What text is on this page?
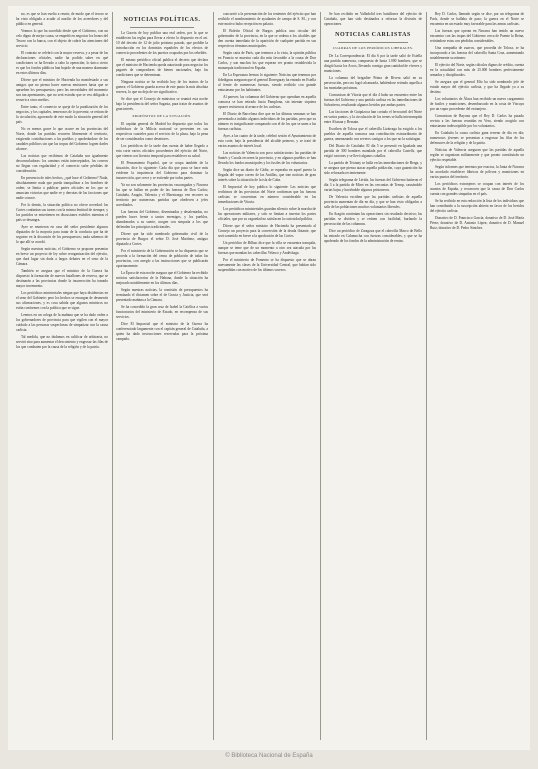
no, es que se han vuelto a reunir, de modo que el tesoro se ha visto obligado a acudir al auxilio de los acreedores y del público en general.

Veamos lo que ha sucedido desde que el Gobierno, con un celo digno de mejor causa, se empeñó en negociar los bonos del Tesoro con la banca, con el objeto de cubrir las atenciones del servicio.

El contrato se celebró con la mayor reserva, y a pesar de las declaraciones oficiales, nadie ha podido saber en qué condiciones se ha llevado a cabo la operación; lo único cierto es que los fondos públicos han bajado de una manera alarmante en estos últimos días.

Dícese que el ministro de Hacienda ha manifestado a sus amigos que no piensa hacer nuevas emisiones hasta que se aprueben los presupuestos; pero las necesidades del momento son tan apremiantes, que no será extraño que se vea obligado a recurrir a otros medios.

Entre tanto, el comercio se queja de la paralización de los negocios, y los capitales, temerosos de lo porvenir, se retiran de la circulación, agravando de este modo la situación general del país.

No es menos grave lo que ocurre en las provincias del Norte, donde las partidas recorren libremente el territorio, exigiendo contribuciones a los pueblos y apoderándose de los caudales públicos sin que las tropas del Gobierno logren darles alcance.

Las noticias que recibimos de Cataluña son igualmente desconsoladoras: los caminos están interceptados, los correos no llegan con regularidad y el comercio sufre pérdidas de consideración.

En presencia de tales hechos, ¿qué hace el Gobierno? Nada, absolutamente nada que pueda tranquilizar a los hombres de orden; se limita a publicar partes oficiales en los que se anuncian victorias que nadie ve y derrotas de las facciones que nadie conoce.

Por lo demás, la situación política no ofrece novedad: las Cortes continúan sus tareas con la misma lentitud de siempre, y los partidos se entretienen en discusiones estériles mientras el país se desangra.

Ayer se reunieron en casa del señor presidente algunos diputados de la mayoría para tratar de la conducta que ha de seguirse en la discusión de los presupuestos; nada sabemos de lo que allí se acordó.

Según nuestras noticias, el Gobierno se propone presentar en breve un proyecto de ley sobre reorganización del ejército, que dará lugar sin duda a largos debates en el seno de la Cámara.

También se asegura que el ministro de la Guerra ha dispuesto la formación de nuevos batallones de reserva, que se destinarán a las provincias donde la insurrección ha tomado mayor incremento.

Los periódicos ministeriales niegan que haya disidencias en el seno del Gabinete; pero los hechos se encargan de desmentir sus afirmaciones, y es cosa sabida que algunos ministros no están conformes con la política que se sigue.

Leemos en un colega de la mañana que se ha dado orden a los gobernadores de provincia para que vigilen con el mayor cuidado a las personas sospechosas de simpatizar con la causa carlista.

Tal medida, que no dudamos en calificar de arbitraria, no servirá sino para aumentar el descontento y engrosar las filas de los que combaten por la causa de la religión y de la patria.

NOTICIAS POLÍTICAS.

La Gaceta de hoy publica una real orden, por la que se establecen las reglas para llevar a efecto lo dispuesto en el art. 10 del decreto de 12 de julio próximo pasado, que prohíbe la introducción en los dominios españoles de los efectos de comercio procedentes de los puertos ocupados por los rebeldes.

El mismo periódico oficial publica el decreto que declara que el ministro de Hacienda queda autorizado para negociar los pagarés de compradores de bienes nacionales, bajo las condiciones que se determinan.

Ninguna noticia se ha recibido hoy de los teatros de la guerra; el Gobierno guarda acerca de este punto la más absoluta reserva, lo que no deja de ser significativo.

Se dice que el Consejo de ministros se reunirá esta noche bajo la presidencia del señor Sagasta, para tratar de asuntos de gran interés.

PROPÓSITOS DE LA SITUACIÓN.

El capitán general de Madrid ha dispuesto que todos los individuos de la Milicia nacional se presenten en sus respectivos cuarteles para el servicio de la plaza, bajo la pena de ser considerados como desertores.

Los periódicos de la tarde dan cuenta de haber llegado a esta corte varios oficiales procedentes del ejército del Norte, que vienen con licencia temporal para restablecer su salud.

El Pensamiento Español, que se ocupa también de la situación, dice lo siguiente: Cada día que pasa se hace más evidente la impotencia del Gobierno para dominar la insurrección, que crece y se extiende por todas partes.

Ya no son solamente las provincias vascongadas y Navarra las que se hallan en poder de las fuerzas de Don Carlos; Cataluña, Aragón, Valencia y el Maestrazgo ven recorrer su territorio por numerosas partidas que obedecen a jefes acreditados.

Las fuerzas del Gobierno, diseminadas y desalentadas, no pueden hacer frente a tantos enemigos, y los pueblos, abandonados a su suerte, acogen con simpatía a los que defienden los principios tradicionales.

Dícese que ha sido nombrado gobernador civil de la provincia de Burgos el señor D. José Martínez, antiguo diputado a Cortes.

Por el ministerio de la Gobernación se ha dispuesto que se proceda a la formación del censo de población de todas las provincias, con arreglo a las instrucciones que se publicarán oportunamente.

La Época de esta noche asegura que el Gobierno ha recibido noticias satisfactorias de la Habana, donde la situación ha mejorado notablemente en los últimos días.

Según nuestras noticias, la comisión de presupuestos ha terminado el dictamen sobre el de Gracia y Justicia, que será presentado mañana a la Cámara.

Se ha concedido la gran cruz de Isabel la Católica a varios funcionarios del ministerio de Estado, en recompensa de sus servicios.

Dice El Imparcial que el ministro de la Guerra ha conferenciado largamente con el capitán general de Cataluña, a quien ha dado instrucciones reservadas para la próxima campaña.

concurrió a la presentación de los tenientes del ejército que han recibido el nombramiento de ayudantes de campo de S. M., y con este motivo hubo recepción en palacio.

El Boletín Oficial de Burgos publica una circular del gobernador de la provincia, en la que se ordena a los alcaldes que den cuenta inmediata de la aparición de cualquier partida en sus respectivos términos municipales.

Según carta de París, que tenemos a la vista, la opinión pública en Francia se muestra cada día más favorable a la causa de Don Carlos, y son muchos los que esperan ver pronto restablecida la monarquía tradicional en España.

En La Esperanza leemos lo siguiente: Noticias que tenemos por fidedignas aseguran que el general Dorregaray ha entrado en Estella al frente de numerosas fuerzas, siendo recibido con grande entusiasmo por los habitantes.

Al parecer, las columnas del Gobierno que operaban en aquella comarca se han retirado hacia Pamplona, sin intentar siquiera oponer resistencia al avance de los carlistas.

El Diario de Barcelona dice que en las últimas semanas se han presentado a indulto algunos individuos de las partidas, pero que su número es insignificante comparado con el de los que se unen a las fuerzas carlistas.

Ayer, a las cuatro de la tarde, celebró sesión el Ayuntamiento de esta corte, bajo la presidencia del alcalde primero, y se trató de varios asuntos de interés local.

Las noticias de Valencia son poco satisfactorias: las partidas de Santés y Cucala recorren la provincia, y en algunos pueblos se han llevado los fondos municipales y los fusiles de los voluntarios.

Según dice un diario de Cádiz, se esperaba en aquel puerto la llegada del vapor correo de las Antillas, que trae noticias de gran interés sobre la situación de la isla de Cuba.

El Imparcial de hoy publica lo siguiente: Las noticias que recibimos de las provincias del Norte confirman que las fuerzas carlistas se concentran en número considerable en las inmediaciones de Vitoria.

Los periódicos ministeriales guardan silencio sobre la marcha de las operaciones militares, y solo se limitan a insertar los partes oficiales, que por su vaguedad no satisfacen la curiosidad pública.

Dícese que el señor ministro de Hacienda ha presentado al Consejo un proyecto para la conversión de la deuda flotante, que será sometido en breve a la aprobación de las Cortes.

Un periódico de Bilbao dice que la villa se encuentra tranquila, aunque se teme que de un momento a otro sea atacada por las fuerzas que mandan los cabecillas Velasco y Andéchaga.

Por el ministerio de Fomento se ha dispuesto que se abran nuevamente las clases de la Universidad Central, que habían sido suspendidas con motivo de los últimos sucesos.

Se han recibido en Valladolid tres batallones del ejército de Cataluña, que han sido destinados a reforzar la división de operaciones.

NOTICIAS CARLISTAS

CUADRAS DE LOS PERIÓDICOS LIBERALES.

De La Correspondencia: El día 6 por la tarde salió de Estella una partida numerosa, compuesta de hasta 1.000 hombres, que se dirigió hacia los Arcos, llevando consigo gran cantidad de víveres y municiones.

La columna del brigadier Primo de Rivera salió en su persecución, pero no logró alcanzarla, habiéndose retirado aquella a las montañas próximas.

Comunican de Vitoria que el día 4 hubo un encuentro entre las fuerzas del Gobierno y una partida carlista en las inmediaciones de Salvatierra, resultando algunos heridos por ambas partes.

Las facciones de Guipúzcoa han cortado el ferrocarril del Norte en varios puntos, y la circulación de los trenes se halla interrumpida entre Alsasua y Beasain.

Escriben de Tolosa que el cabecilla Lizárraga ha exigido a los pueblos de aquella comarca una contribución extraordinaria de guerra, amenazando con severos castigos a los que no la satisfagan.

Del Diario de Cataluña: El día 5 se presentó en Igualada una partida de 300 hombres mandada por el cabecilla Castells, que exigió raciones y se llevó algunos caballos.

La partida de Tristany se halla en las inmediaciones de Berga, y se asegura que piensa atacar aquella población, cuya guarnición ha sido reforzada recientemente.

Según telegrama de Lérida, las fuerzas del Gobierno batieron el día 3 a la partida de Miret en las cercanías de Tremp, causándole varias bajas y haciéndole algunos prisioneros.

De Valencia escriben que las partidas carlistas de aquella provincia aumentan de día en día, y que se han visto obligados a salir de las poblaciones muchos voluntarios liberales.

En Aragón continúan las operaciones sin resultado decisivo; las partidas se dividen y se reúnen con facilidad, burlando la persecución de las columnas.

Dice un periódico de Zaragoza que el cabecilla Marco de Bello ha entrado en Calamocha con fuerzas considerables, y que se ha apoderado de los fondos de la administración de rentas.

Rey D. Carlos, llamado según se dice, por un telegrama de París, donde se hallaba de paso; la guerra en el Norte se encuentra en un estado muy favorable para las armas carlistas.

Las fuerzas que operan en Navarra han tenido un nuevo encuentro con las tropas del Gobierno cerca de Puente la Reina, retirándose estas con pérdidas considerables.

Una compañía de zuavos, que procedía de Tolosa, se ha incorporado a las fuerzas del cabecilla Santa Cruz, aumentando notablemente su número.

El ejército del Norte, según cálculos dignos de crédito, cuenta en la actualidad con más de 25.000 hombres perfectamente armados y disciplinados.

Se asegura que el general Elío ha sido nombrado jefe de estado mayor del ejército carlista, y que ha llegado ya a su destino.

Los voluntarios de Álava han recibido un nuevo cargamento de fusiles y municiones, desembarcado en la costa de Vizcaya por un vapor procedente del extranjero.

Comunican de Bayona que el Rey D. Carlos ha pasado revista a las fuerzas reunidas en Vera, siendo acogido con entusiasmo indescriptible por los voluntarios.

En Cataluña la causa carlista gana terreno de día en día; numerosos jóvenes se presentan a engrosar las filas de los defensores de la religión y de la patria.

Noticias de Valencia aseguran que las partidas de aquella región se organizan militarmente y que pronto constituirán un ejército respetable.

Según informes que tenemos por exactos, la Junta de Navarra ha acordado establecer fábricas de pólvora y municiones en varios puntos del territorio.

Los periódicos extranjeros se ocupan con interés de los asuntos de España, y reconocen que la causa de Don Carlos cuenta con grandes simpatías en el país.

Se ha recibido en esta redacción la lista de los individuos que han contribuido a la suscripción abierta en favor de los heridos del ejército carlista.

Donativo de D. Francisco García; donativo de D. José María Pérez; donativo de D. Antonio López; donativo de D. Manuel Ruiz; donativo de D. Pedro Sánchez.

© Biblioteca Nacional de España
